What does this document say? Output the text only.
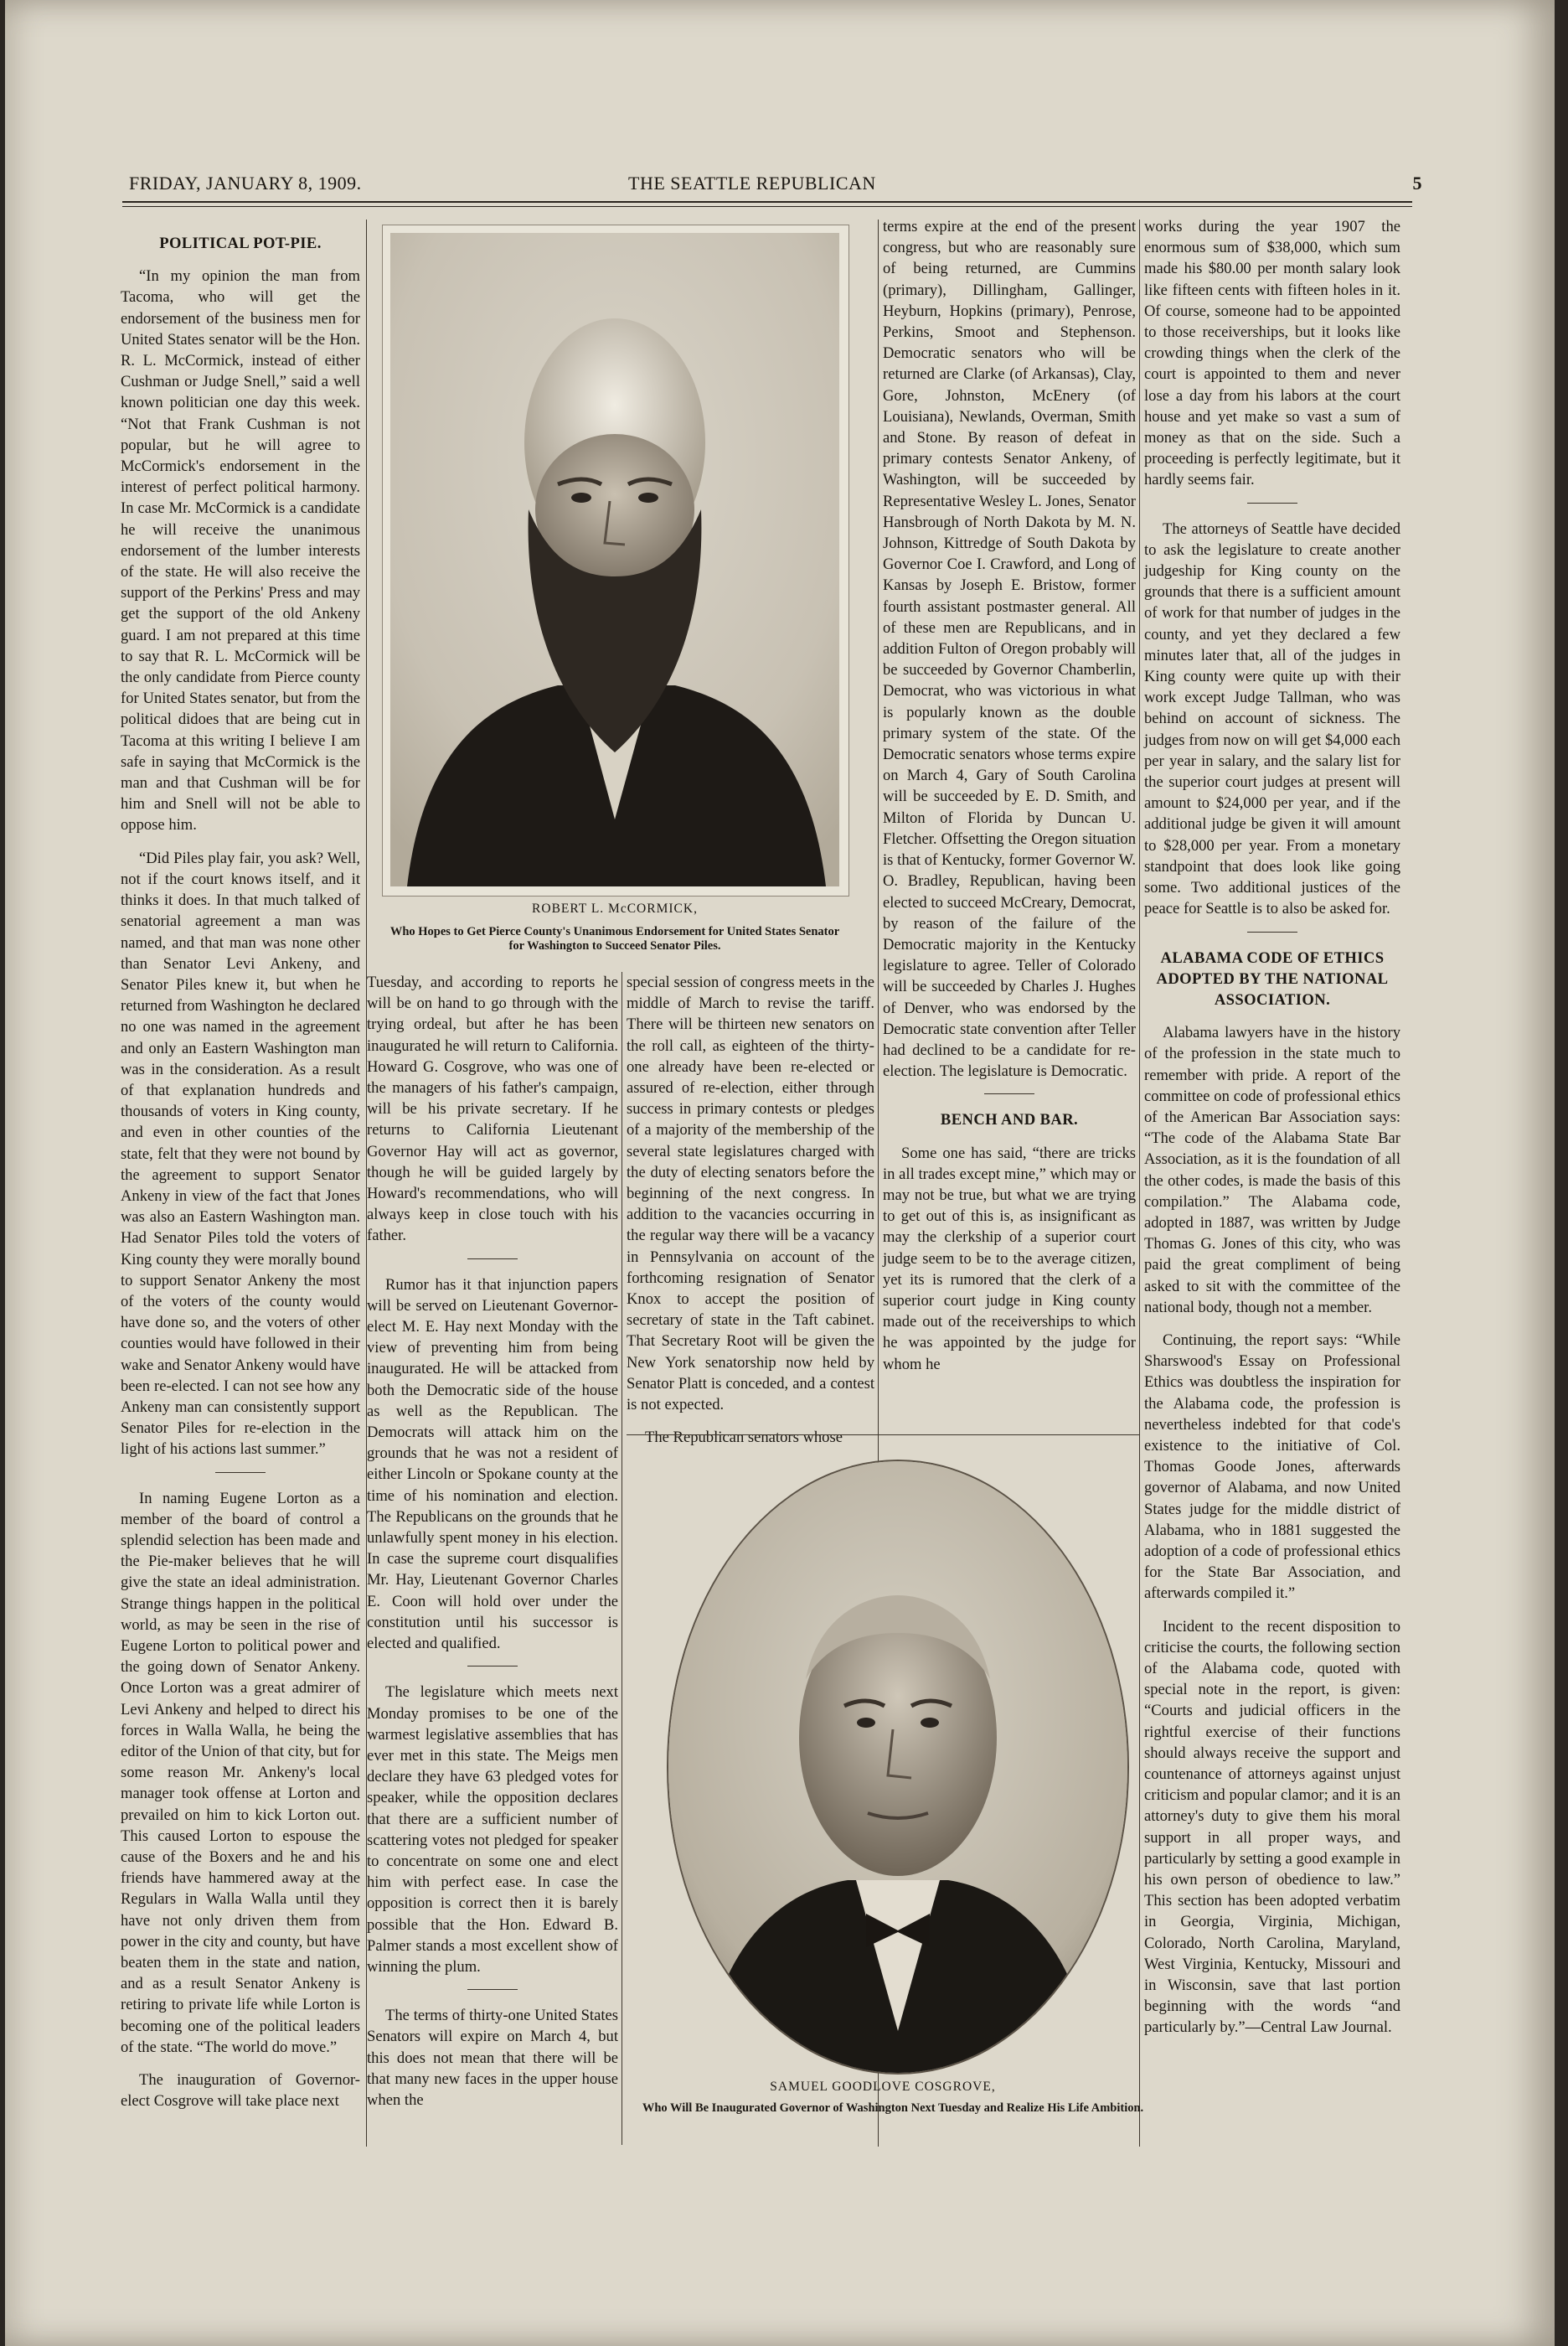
FRIDAY, JANUARY 8, 1909.	THE SEATTLE REPUBLICAN	5
POLITICAL POT-PIE.

“In my opinion the man from Tacoma, who will get the endorsement of the business men for United States senator will be the Hon. R. L. McCormick, instead of either Cushman or Judge Snell,” said a well known politician one day this week. “Not that Frank Cushman is not popular, but he will agree to McCormick's endorsement in the interest of perfect political harmony. In case Mr. McCormick is a candidate he will receive the unanimous endorsement of the lumber interests of the state. He will also receive the support of the Perkins' Press and may get the support of the old Ankeny guard. I am not prepared at this time to say that R. L. McCormick will be the only candidate from Pierce county for United States senator, but from the political didoes that are being cut in Tacoma at this writing I believe I am safe in saying that McCormick is the man and that Cushman will be for him and Snell will not be able to oppose him.

“Did Piles play fair, you ask? Well, not if the court knows itself, and it thinks it does. In that much talked of senatorial agreement a man was named, and that man was none other than Senator Levi Ankeny, and Senator Piles knew it, but when he returned from Washington he declared no one was named in the agreement and only an Eastern Washington man was in the consideration. As a result of that explanation hundreds and thousands of voters in King county, and even in other counties of the state, felt that they were not bound by the agreement to support Senator Ankeny in view of the fact that Jones was also an Eastern Washington man. Had Senator Piles told the voters of King county they were morally bound to support Senator Ankeny the most of the voters of the county would have done so, and the voters of other counties would have followed in their wake and Senator Ankeny would have been re-elected. I can not see how any Ankeny man can consistently support Senator Piles for re-election in the light of his actions last summer.”

In naming Eugene Lorton as a member of the board of control a splendid selection has been made and the Pie-maker believes that he will give the state an ideal administration. Strange things happen in the political world, as may be seen in the rise of Eugene Lorton to political power and the going down of Senator Ankeny. Once Lorton was a great admirer of Levi Ankeny and helped to direct his forces in Walla Walla, he being the editor of the Union of that city, but for some reason Mr. Ankeny's local manager took offense at Lorton and prevailed on him to kick Lorton out. This caused Lorton to espouse the cause of the Boxers and he and his friends have hammered away at the Regulars in Walla Walla until they have not only driven them from power in the city and county, but have beaten them in the state and nation, and as a result Senator Ankeny is retiring to private life while Lorton is becoming one of the political leaders of the state. “The world do move.”

The inauguration of Governor-elect Cosgrove will take place next

ROBERT L. McCORMICK,
Who Hopes to Get Pierce County's Unanimous Endorsement for United States Senator for Washington to Succeed Senator Piles.

Tuesday, and according to reports he will be on hand to go through with the trying ordeal, but after he has been inaugurated he will return to California. Howard G. Cosgrove, who was one of the managers of his father's campaign, will be his private secretary. If he returns to California Lieutenant Governor Hay will act as governor, though he will be guided largely by Howard's recommendations, who will always keep in close touch with his father.

Rumor has it that injunction papers will be served on Lieutenant Governor-elect M. E. Hay next Monday with the view of preventing him from being inaugurated. He will be attacked from both the Democratic side of the house as well as the Republican. The Democrats will attack him on the grounds that he was not a resident of either Lincoln or Spokane county at the time of his nomination and election. The Republicans on the grounds that he unlawfully spent money in his election. In case the supreme court disqualifies Mr. Hay, Lieutenant Governor Charles E. Coon will hold over under the constitution until his successor is elected and qualified.

The legislature which meets next Monday promises to be one of the warmest legislative assemblies that has ever met in this state. The Meigs men declare they have 63 pledged votes for speaker, while the opposition declares that there are a sufficient number of scattering votes not pledged for speaker to concentrate on some one and elect him with perfect ease. In case the opposition is correct then it is barely possible that the Hon. Edward B. Palmer stands a most excellent show of winning the plum.

The terms of thirty-one United States Senators will expire on March 4, but this does not mean that there will be that many new faces in the upper house when the

special session of congress meets in the middle of March to revise the tariff. There will be thirteen new senators on the roll call, as eighteen of the thirty-one already have been re-elected or assured of re-election, either through success in primary contests or pledges of a majority of the membership of the several state legislatures charged with the duty of electing senators before the beginning of the next congress. In addition to the vacancies occurring in the regular way there will be a vacancy in Pennsylvania on account of the forthcoming resignation of Senator Knox to accept the position of secretary of state in the Taft cabinet. That Secretary Root will be given the New York senatorship now held by Senator Platt is conceded, and a contest is not expected.

The Republican senators whose

terms expire at the end of the present congress, but who are reasonably sure of being returned, are Cummins (primary), Dillingham, Gallinger, Heyburn, Hopkins (primary), Penrose, Perkins, Smoot and Stephenson. Democratic senators who will be returned are Clarke (of Arkansas), Clay, Gore, Johnston, McEnery (of Louisiana), Newlands, Overman, Smith and Stone. By reason of defeat in primary contests Senator Ankeny, of Washington, will be succeeded by Representative Wesley L. Jones, Senator Hansbrough of North Dakota by M. N. Johnson, Kittredge of South Dakota by Governor Coe I. Crawford, and Long of Kansas by Joseph E. Bristow, former fourth assistant postmaster general. All of these men are Republicans, and in addition Fulton of Oregon probably will be succeeded by Governor Chamberlin, Democrat, who was victorious in what is popularly known as the double primary system of the state. Of the Democratic senators whose terms expire on March 4, Gary of South Carolina will be succeeded by E. D. Smith, and Milton of Florida by Duncan U. Fletcher. Offsetting the Oregon situation is that of Kentucky, former Governor W. O. Bradley, Republican, having been elected to succeed McCreary, Democrat, by reason of the failure of the Democratic majority in the Kentucky legislature to agree. Teller of Colorado will be succeeded by Charles J. Hughes of Denver, who was endorsed by the Democratic state convention after Teller had declined to be a candidate for re-election. The legislature is Democratic.

BENCH AND BAR.

Some one has said, “there are tricks in all trades except mine,” which may or may not be true, but what we are trying to get out of this is, as insignificant as may the clerkship of a superior court judge seem to be to the average citizen, yet its is rumored that the clerk of a superior court judge in King county made out of the receiverships to which he was appointed by the judge for whom he

works during the year 1907 the enormous sum of $38,000, which sum made his $80.00 per month salary look like fifteen cents with fifteen holes in it. Of course, someone had to be appointed to those receiverships, but it looks like crowding things when the clerk of the court is appointed to them and never lose a day from his labors at the court house and yet make so vast a sum of money as that on the side. Such a proceeding is perfectly legitimate, but it hardly seems fair.

The attorneys of Seattle have decided to ask the legislature to create another judgeship for King county on the grounds that there is a sufficient amount of work for that number of judges in the county, and yet they declared a few minutes later that, all of the judges in King county were quite up with their work except Judge Tallman, who was behind on account of sickness. The judges from now on will get $4,000 each per year in salary, and the salary list for the superior court judges at present will amount to $24,000 per year, and if the additional judge be given it will amount to $28,000 per year. From a monetary standpoint that does look like going some. Two additional justices of the peace for Seattle is to also be asked for.

ALABAMA CODE OF ETHICS ADOPTED BY THE NATIONAL ASSOCIATION.

Alabama lawyers have in the history of the profession in the state much to remember with pride. A report of the committee on code of professional ethics of the American Bar Association says: “The code of the Alabama State Bar Association, as it is the foundation of all the other codes, is made the basis of this compilation.” The Alabama code, adopted in 1887, was written by Judge Thomas G. Jones of this city, who was paid the great compliment of being asked to sit with the committee of the national body, though not a member.

Continuing, the report says: “While Sharswood's Essay on Professional Ethics was doubtless the inspiration for the Alabama code, the profession is nevertheless indebted for that code's existence to the initiative of Col. Thomas Goode Jones, afterwards governor of Alabama, and now United States judge for the middle district of Alabama, who in 1881 suggested the adoption of a code of professional ethics for the State Bar Association, and afterwards compiled it.”

Incident to the recent disposition to criticise the courts, the following section of the Alabama code, quoted with special note in the report, is given: “Courts and judicial officers in the rightful exercise of their functions should always receive the support and countenance of attorneys against unjust criticism and popular clamor; and it is an attorney's duty to give them his moral support in all proper ways, and particularly by setting a good example in his own person of obedience to law.” This section has been adopted verbatim in Georgia, Virginia, Michigan, Colorado, North Carolina, Maryland, West Virginia, Kentucky, Missouri and in Wisconsin, save that last portion beginning with the words “and particularly by.”—Central Law Journal.

SAMUEL GOODLOVE COSGROVE,
Who Will Be Inaugurated Governor of Washington Next Tuesday and Realize His Life Ambition.
